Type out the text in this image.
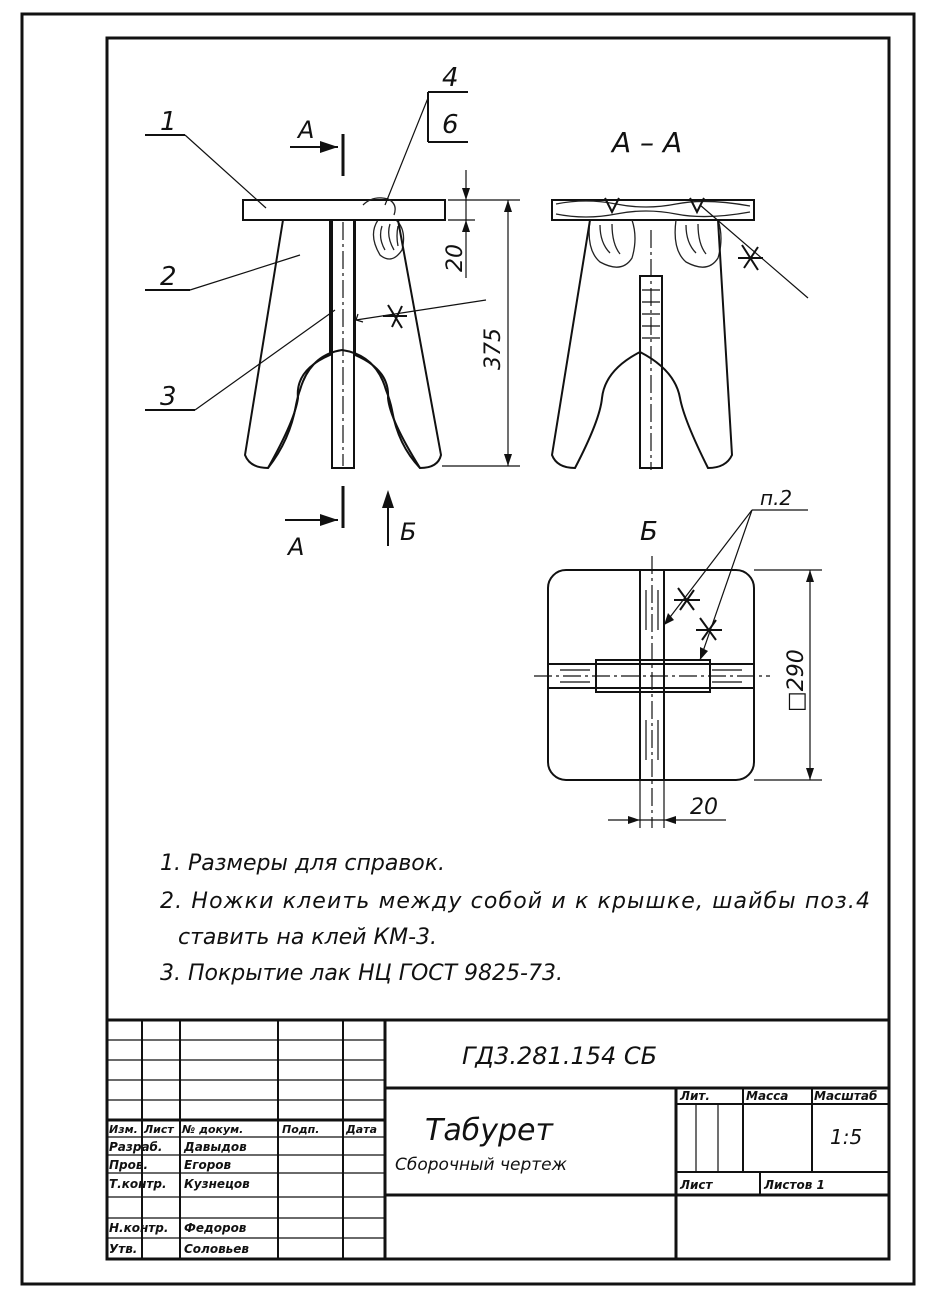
А
А
Б
1
2
3
4
6
375
20
А – А
Б
п.2
□290
20
1. Размеры для справок.
2. Ножки клеить между собой и к крышке, шайбы поз.4
ставить на клей КМ-3.
3. Покрытие лак НЦ ГОСТ 9825-73.
Изм. Лист № докум.	Подп. Дата
Разраб. Давыдов
Пров.	Егоров
Т.контр. Кузнецов
Н.контр. Федоров
Утв.	Соловьев
ГД3.281.154 СБ
Табурет
Сборочный чертеж
Лит.	Масса Масштаб
1:5
Лист	Листов 1
